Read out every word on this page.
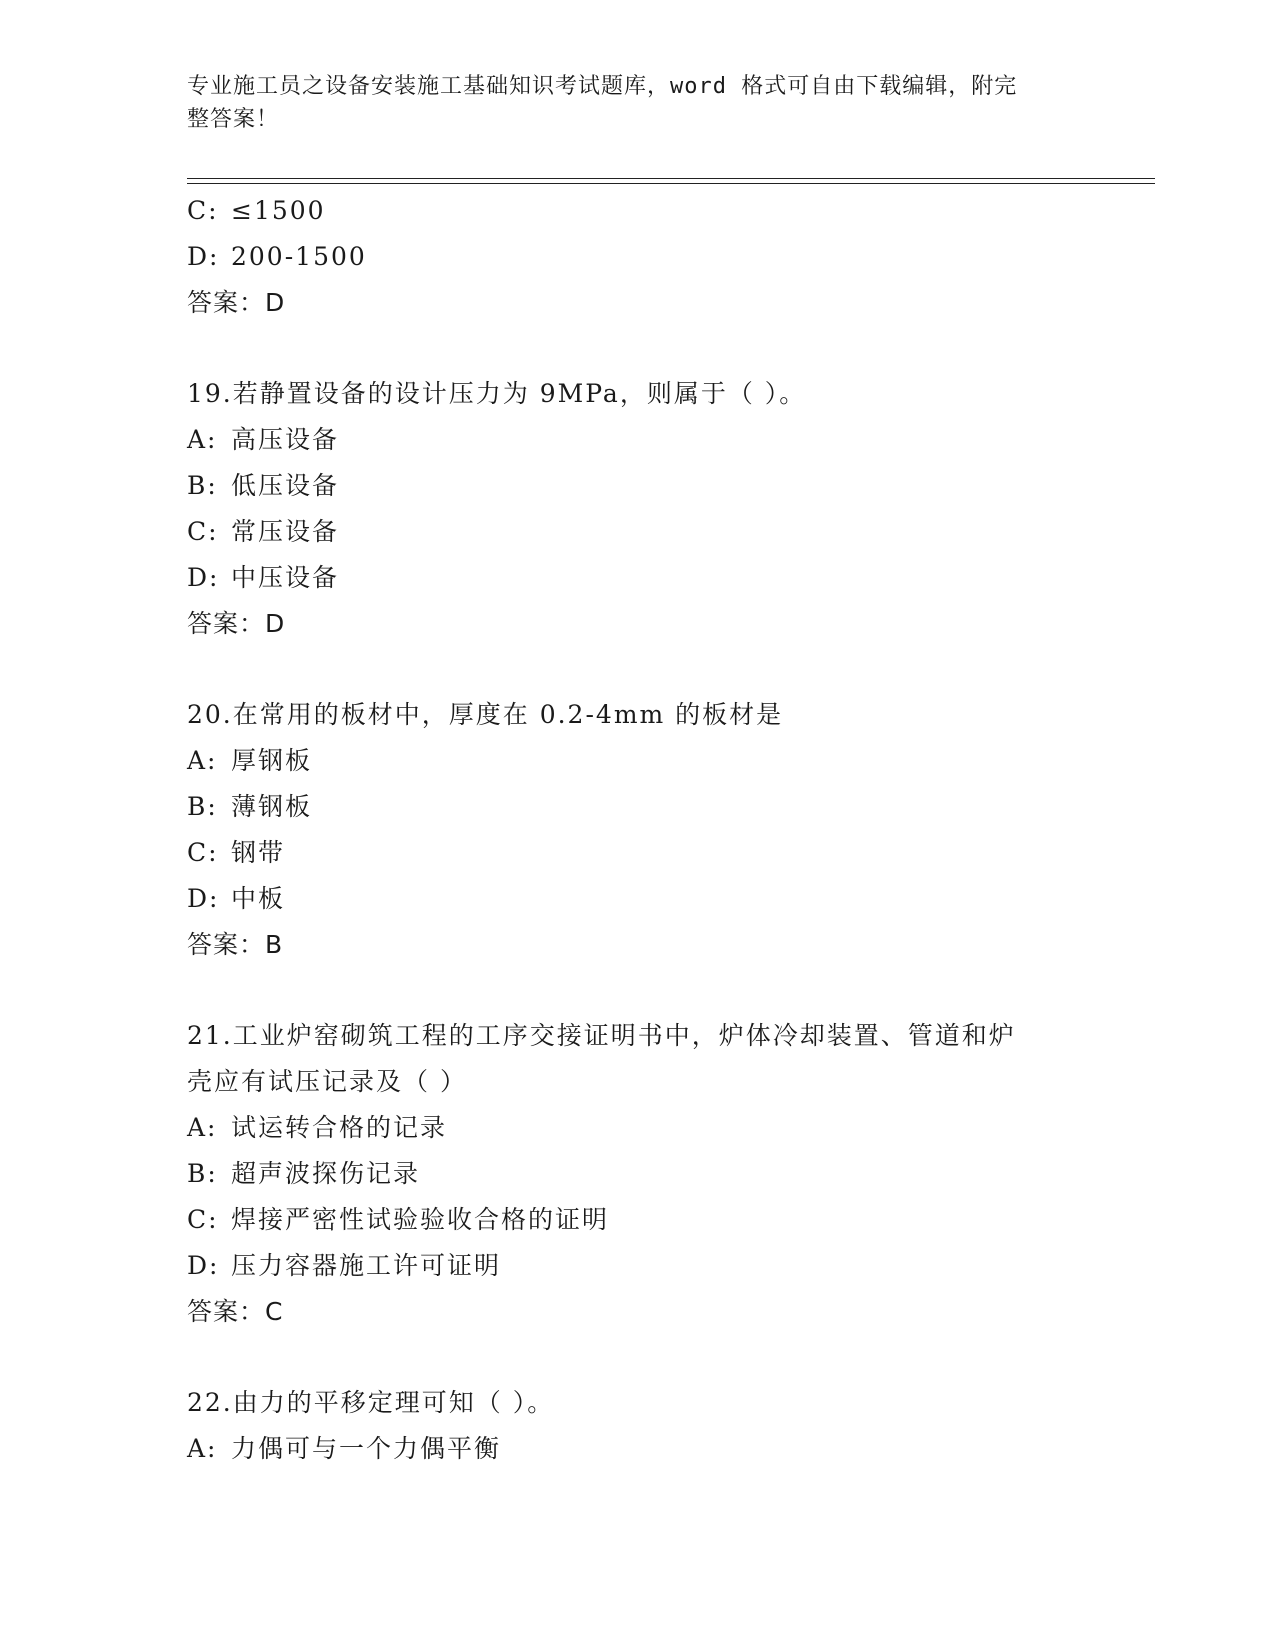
专业施工员之设备安装施工基础知识考试题库，word 格式可自由下载编辑，附完
整答案！
C: ≤1500
D: 200-1500
答案：D
19.若静置设备的设计压力为 9MPa，则属于（ ）。
A: 高压设备
B: 低压设备
C: 常压设备
D: 中压设备
答案：D
20.在常用的板材中，厚度在 0.2-4mm 的板材是
A: 厚钢板
B: 薄钢板
C: 钢带
D: 中板
答案：B
21.工业炉窑砌筑工程的工序交接证明书中，炉体冷却装置、管道和炉
壳应有试压记录及（ ）
A: 试运转合格的记录
B: 超声波探伤记录
C: 焊接严密性试验验收合格的证明
D: 压力容器施工许可证明
答案：C
22.由力的平移定理可知（ ）。
A: 力偶可与一个力偶平衡
